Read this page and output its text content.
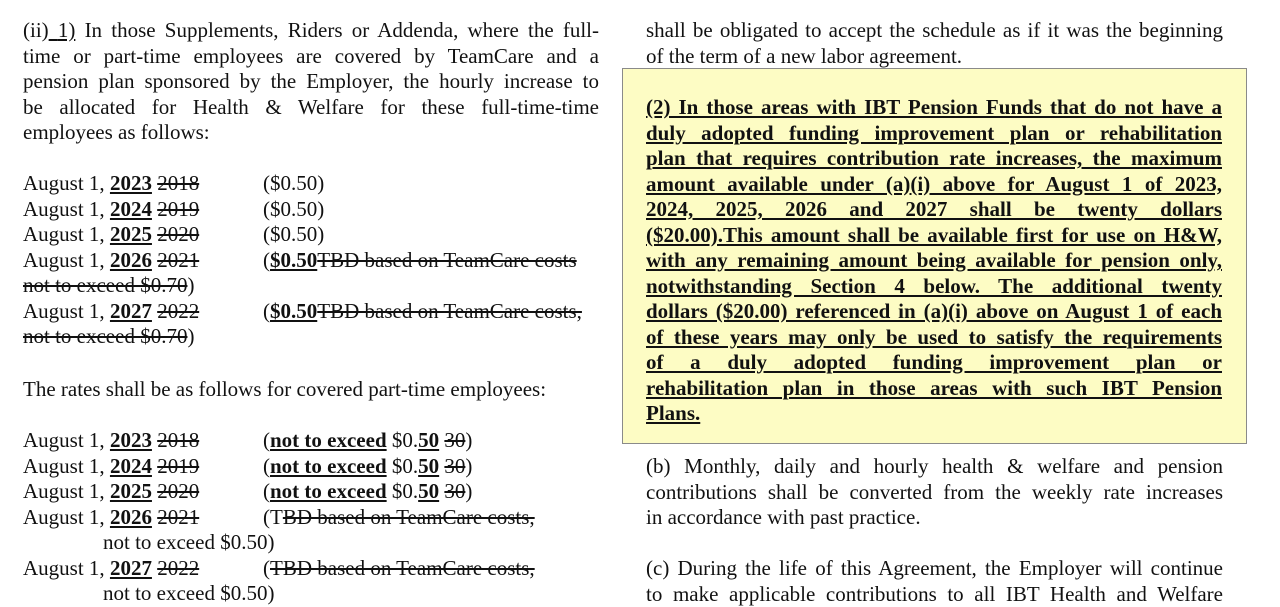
(ii) 1) In those Supplements, Riders or Addenda, where the full-
time or part-time employees are covered by TeamCare and a
pension plan sponsored by the Employer, the hourly increase to
be allocated for Health & Welfare for these full-time-time
employees as follows:
August 1, 2023 2018	($0.50)
August 1, 2024 2019	($0.50)
August 1, 2025 2020	($0.50)
August 1, 2026 2021	($0.50TBD based on TeamCare costs
not to exceed $0.70)
August 1, 2027 2022	($0.50TBD based on TeamCare costs,
not to exceed $0.70)
The rates shall be as follows for covered part-time employees:
August 1, 2023 2018	(not to exceed $0.50 30)
August 1, 2024 2019	(not to exceed $0.50 30)
August 1, 2025 2020	(not to exceed $0.50 30)
August 1, 2026 2021	(TBD based on TeamCare costs,
not to exceed $0.50)
August 1, 2027 2022	(TBD based on TeamCare costs,
not to exceed $0.50)
shall be obligated to accept the schedule as if it was the beginning
of the term of a new labor agreement.
(2) In those areas with IBT Pension Funds that do not have a
duly adopted funding improvement plan or rehabilitation
plan that requires contribution rate increases, the maximum
amount available under (a)(i) above for August 1 of 2023,
2024, 2025, 2026 and 2027 shall be twenty dollars
($20.00).This amount shall be available first for use on H&W,
with any remaining amount being available for pension only,
notwithstanding Section 4 below. The additional twenty
dollars ($20.00) referenced in (a)(i) above on August 1 of each
of these years may only be used to satisfy the requirements
of a duly adopted funding improvement plan or
rehabilitation plan in those areas with such IBT Pension
Plans.
(b) Monthly, daily and hourly health & welfare and pension
contributions shall be converted from the weekly rate increases
in accordance with past practice.
(c) During the life of this Agreement, the Employer will continue
to make applicable contributions to all IBT Health and Welfare
